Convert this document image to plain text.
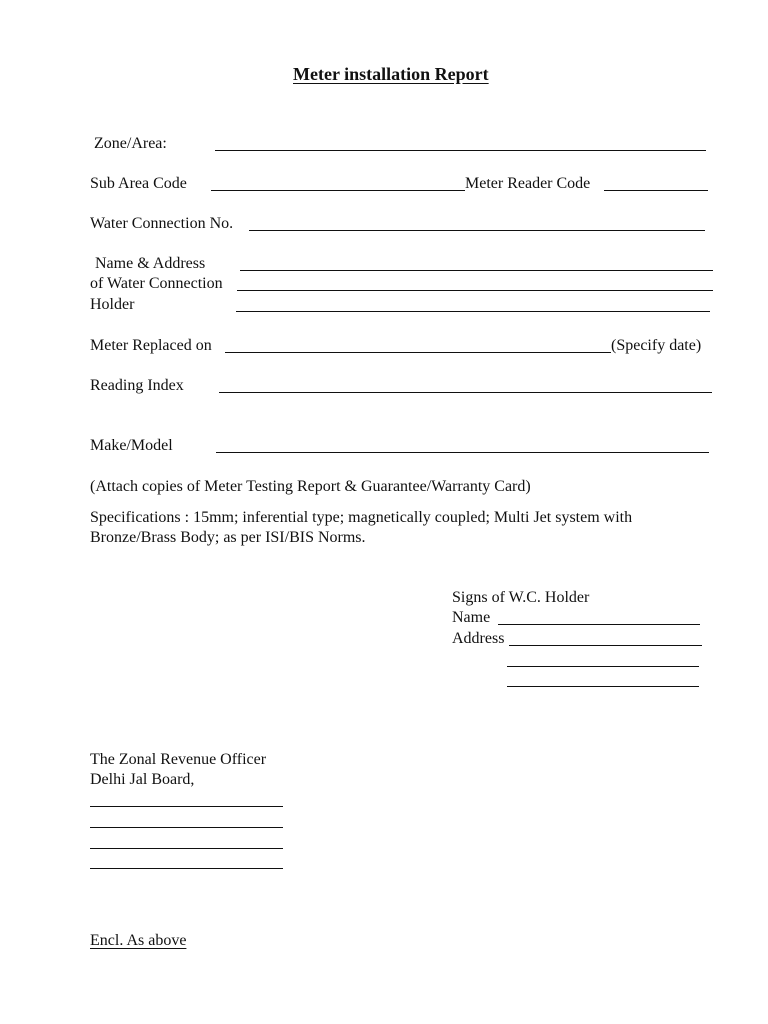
Meter installation Report
Zone/Area:
Sub Area Code	Meter Reader Code
Water Connection No.
Name & Address
of Water Connection
Holder
Meter Replaced on	(Specify date)
Reading Index
Make/Model
(Attach copies of Meter Testing Report & Guarantee/Warranty Card)
Specifications : 15mm; inferential type; magnetically coupled; Multi Jet system with
Bronze/Brass Body; as per ISI/BIS Norms.
Signs of W.C. Holder
Name
Address
The Zonal Revenue Officer
Delhi Jal Board,
Encl. As above
